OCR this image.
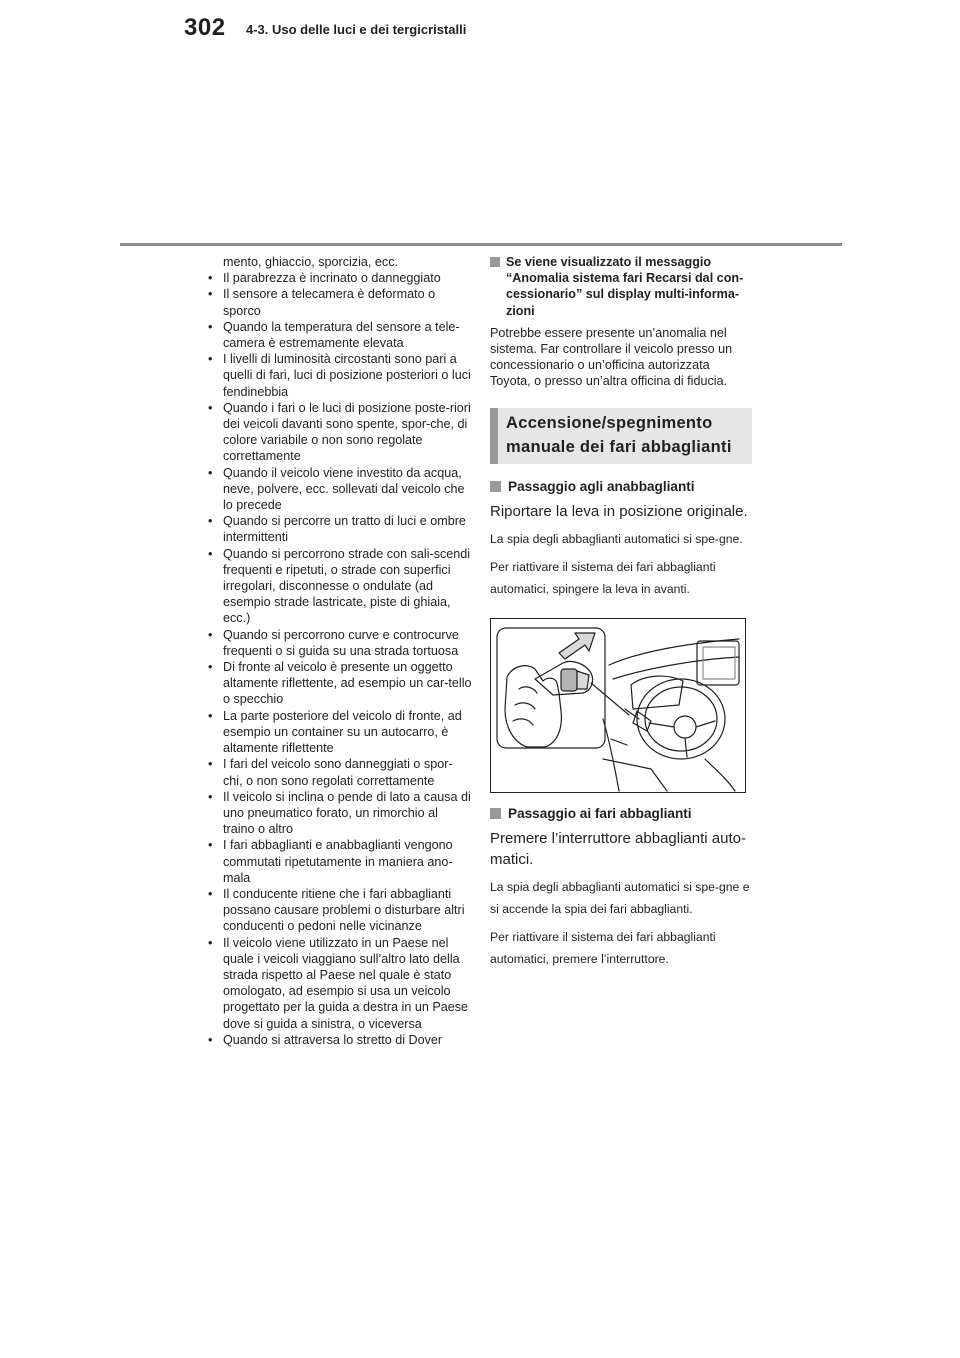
302 4-3. Uso delle luci e dei tergicristalli
mento, ghiaccio, sporcizia, ecc.
• Il parabrezza è incrinato o danneggiato
• Il sensore a telecamera è deformato o sporco
• Quando la temperatura del sensore a tele-camera è estremamente elevata
• I livelli di luminosità circostanti sono pari a quelli di fari, luci di posizione posteriori o luci fendinebbia
• Quando i fari o le luci di posizione poste-riori dei veicoli davanti sono spente, spor-che, di colore variabile o non sono regolate correttamente
• Quando il veicolo viene investito da acqua, neve, polvere, ecc. sollevati dal veicolo che lo precede
• Quando si percorre un tratto di luci e ombre intermittenti
• Quando si percorrono strade con sali-scendi frequenti e ripetuti, o strade con superfici irregolari, disconnesse o ondulate (ad esempio strade lastricate, piste di ghiaia, ecc.)
• Quando si percorrono curve e controcurve frequenti o si guida su una strada tortuosa
• Di fronte al veicolo è presente un oggetto altamente riflettente, ad esempio un car-tello o specchio
• La parte posteriore del veicolo di fronte, ad esempio un container su un autocarro, è altamente riflettente
• I fari del veicolo sono danneggiati o spor-chi, o non sono regolati correttamente
• Il veicolo si inclina o pende di lato a causa di uno pneumatico forato, un rimorchio al traino o altro
• I fari abbaglianti e anabbaglianti vengono commutati ripetutamente in maniera ano-mala
• Il conducente ritiene che i fari abbaglianti possano causare problemi o disturbare altri conducenti o pedoni nelle vicinanze
• Il veicolo viene utilizzato in un Paese nel quale i veicoli viaggiano sull’altro lato della strada rispetto al Paese nel quale è stato omologato, ad esempio si usa un veicolo progettato per la guida a destra in un Paese dove si guida a sinistra, o viceversa
• Quando si attraversa lo stretto di Dover
Se viene visualizzato il messaggio “Anomalia sistema fari Recarsi dal con-cessionario” sul display multi-informa-zioni

Potrebbe essere presente un’anomalia nel sistema. Far controllare il veicolo presso un concessionario o un’officina autorizzata Toyota, o presso un’altra officina di fiducia.

Accensione/spegnimento
manuale dei fari abbaglianti
Passaggio agli anabbaglianti

Riportare la leva in posizione originale.

La spia degli abbaglianti automatici si spe-gne.

Per riattivare il sistema dei fari abbaglianti automatici, spingere la leva in avanti.

Passaggio ai fari abbaglianti

Premere l’interruttore abbaglianti auto-matici.

La spia degli abbaglianti automatici si spe-gne e si accende la spia dei fari abbaglianti.

Per riattivare il sistema dei fari abbaglianti automatici, premere l’interruttore.
